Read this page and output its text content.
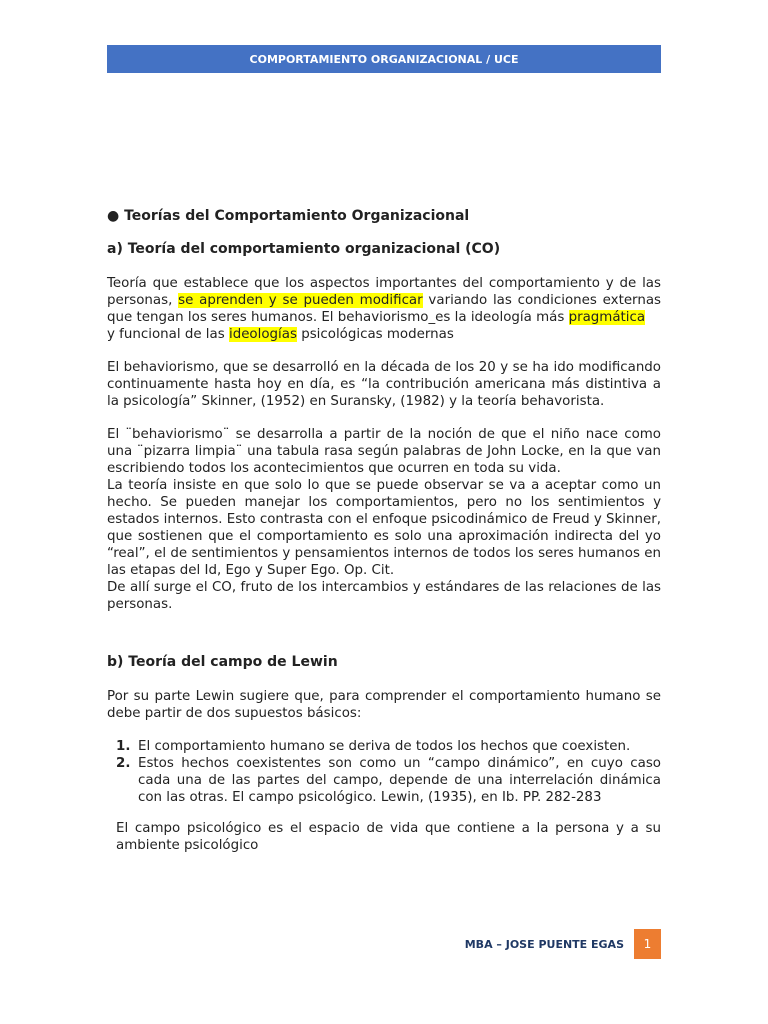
COMPORTAMIENTO ORGANIZACIONAL / UCE
● Teorías del Comportamiento Organizacional
a) Teoría del comportamiento organizacional (CO)

Teoría que establece que los aspectos importantes del comportamiento y de las personas, se aprenden y se pueden modificar variando las condiciones externas que tengan los seres humanos. El behaviorismo_es la ideología más pragmática
y funcional de las ideologías psicológicas modernas

El behaviorismo, que se desarrolló en la década de los 20 y se ha ido modificando continuamente hasta hoy en día, es “la contribución americana más distintiva a la psicología” Skinner, (1952) en Suransky, (1982) y la teoría behavorista.

El ¨behaviorismo¨ se desarrolla a partir de la noción de que el niño nace como una ¨pizarra limpia¨ una tabula rasa según palabras de John Locke, en la que van escribiendo todos los acontecimientos que ocurren en toda su vida.
La teoría insiste en que solo lo que se puede observar se va a aceptar como un hecho. Se pueden manejar los comportamientos, pero no los sentimientos y estados internos. Esto contrasta con el enfoque psicodinámico de Freud y Skinner, que sostienen que el comportamiento es solo una aproximación indirecta del yo “real”, el de sentimientos y pensamientos internos de todos los seres humanos en las etapas del Id, Ego y Super Ego. Op. Cit.
De allí surge el CO, fruto de los intercambios y estándares de las relaciones de las personas.

b) Teoría del campo de Lewin

Por su parte Lewin sugiere que, para comprender el comportamiento humano se debe partir de dos supuestos básicos:

1. El comportamiento humano se deriva de todos los hechos que coexisten.
2. Estos hechos coexistentes son como un “campo dinámico”, en cuyo caso cada una de las partes del campo, depende de una interrelación dinámica con las otras. El campo psicológico. Lewin, (1935), en Ib. PP. 282-283

El campo psicológico es el espacio de vida que contiene a la persona y a su ambiente psicológico

MBA – JOSE PUENTE EGAS 1
